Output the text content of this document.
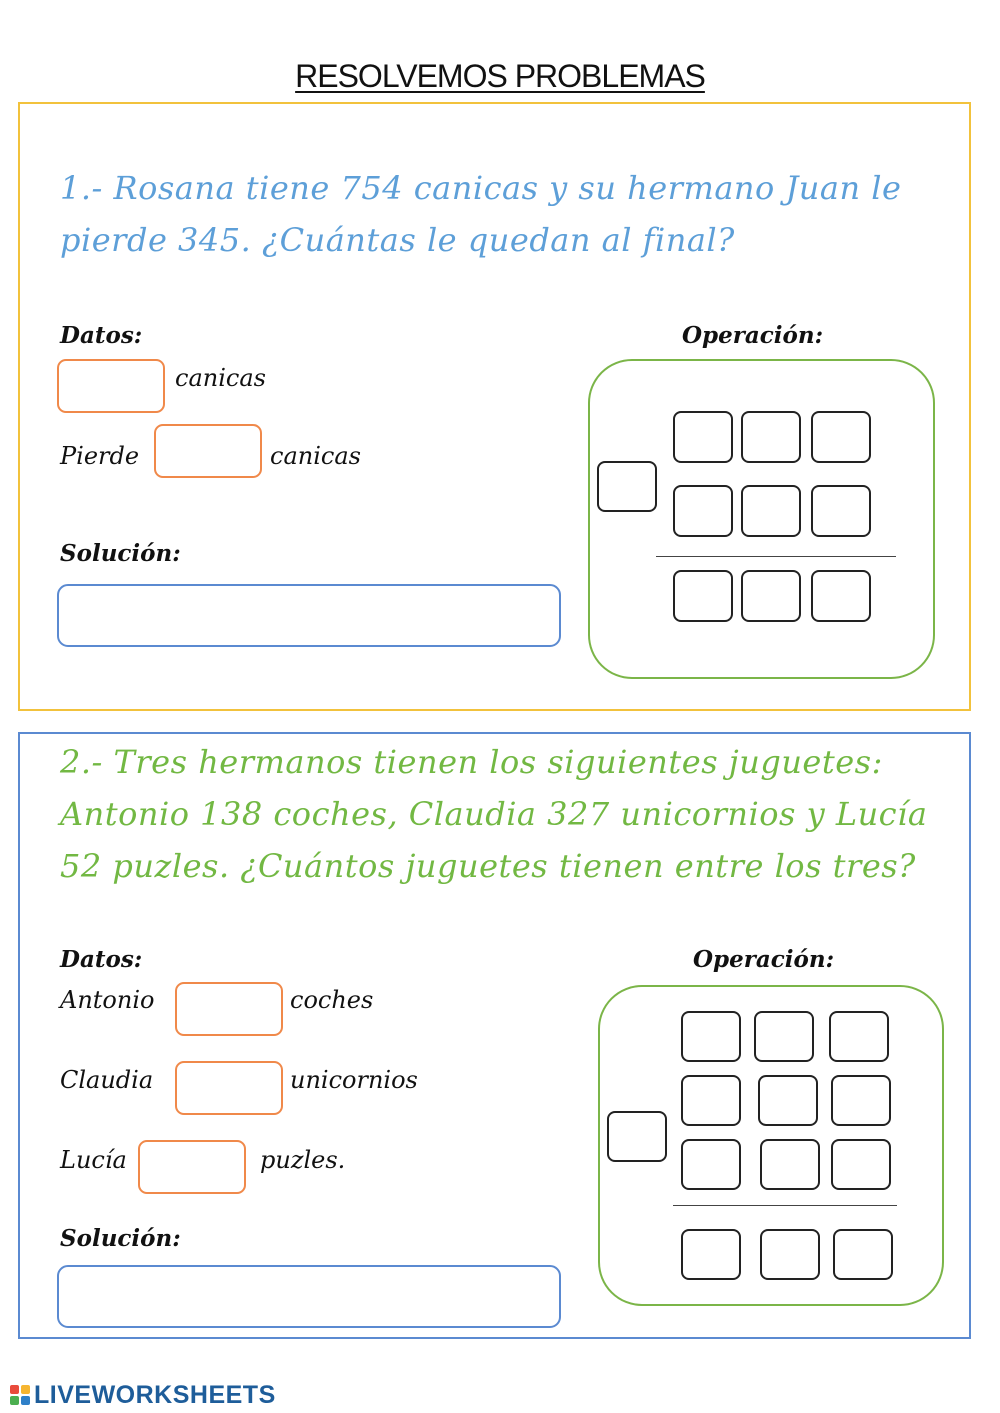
RESOLVEMOS PROBLEMAS
1.- Rosana tiene 754 canicas y su hermano Juan le
pierde 345. ¿Cuántas le quedan al final?
Datos:
canicas
Pierde	canicas
Solución:
Operación:
2.- Tres hermanos tienen los siguientes juguetes:
Antonio 138 coches, Claudia 327 unicornios y Lucía
52 puzles. ¿Cuántos juguetes tienen entre los tres?
Datos:
Antonio	coches
Claudia	unicornios
Lucía	puzles.
Solución:
Operación:
LIVEWORKSHEETS
